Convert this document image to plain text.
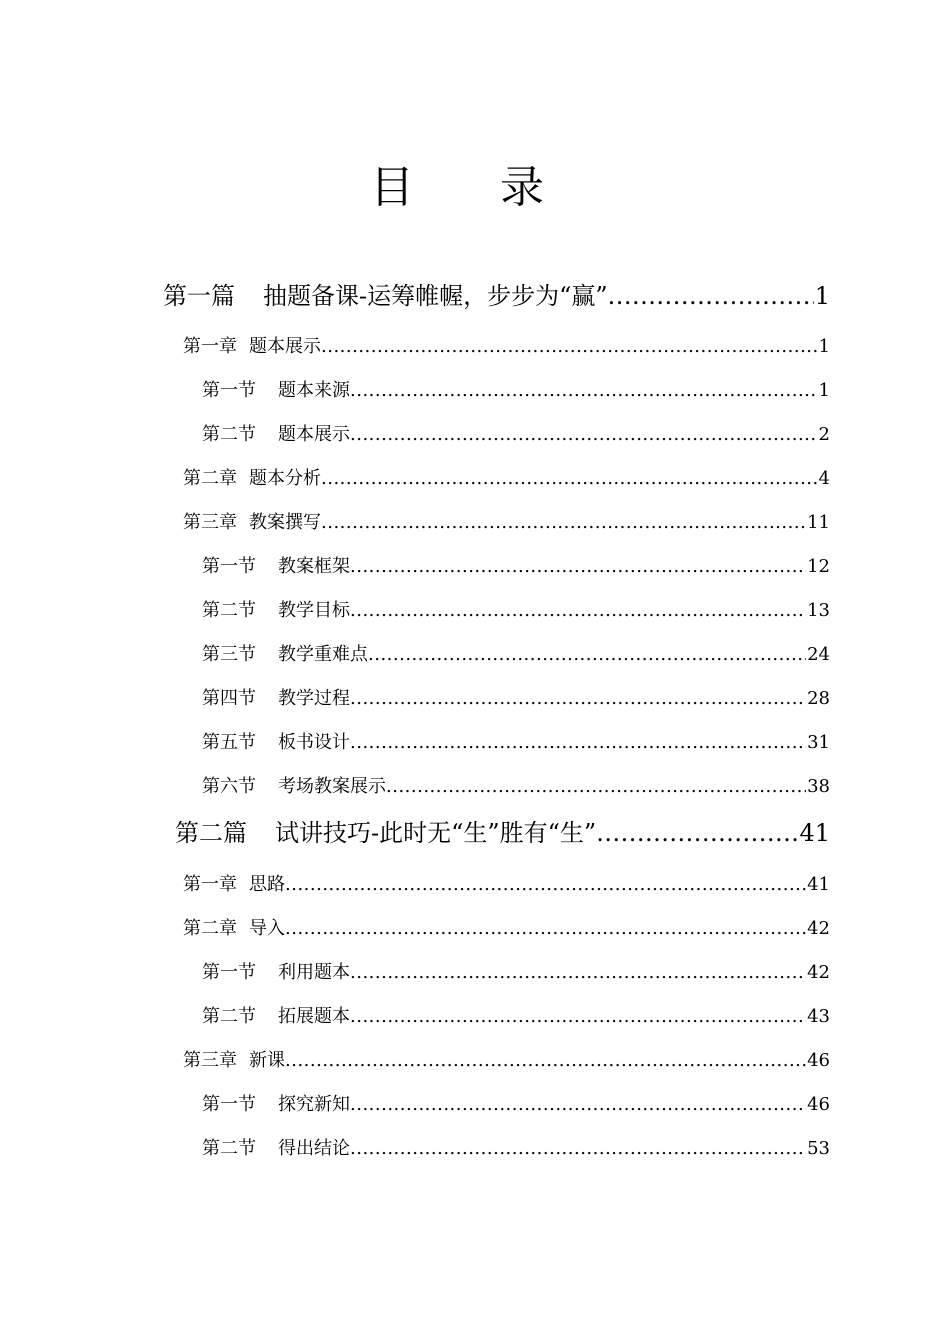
目 录
第一篇 抽题备课-运筹帷幄，步步为“赢” .....	1
第一章 题本展示 .....	1
第一节 题本来源 .....	1
第二节 题本展示 .....	2
第二章 题本分析 .....	4
第三章 教案撰写 .....	11
第一节 教案框架 .....	12
第二节 教学目标 .....	13
第三节 教学重难点 .....	24
第四节 教学过程 .....	28
第五节 板书设计 .....	31
第六节 考场教案展示 .....	38
第二篇 试讲技巧-此时无“生”胜有“生” .....	41
第一章 思路 .....	41
第二章 导入 .....	42
第一节 利用题本 .....	42
第二节 拓展题本 .....	43
第三章 新课 .....	46
第一节 探究新知 .....	46
第二节 得出结论 .....	53
